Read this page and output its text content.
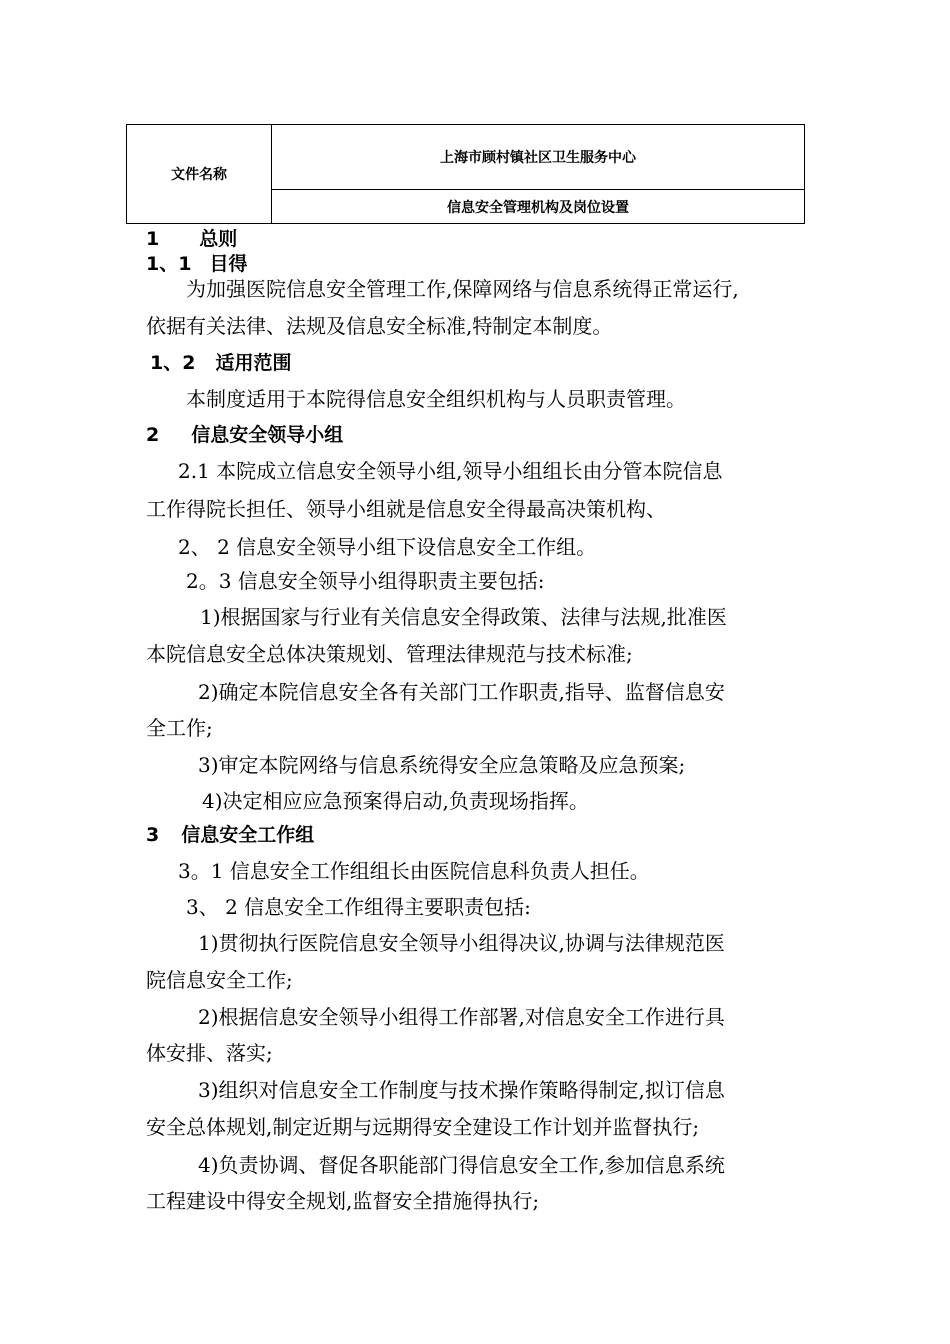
文件名称
上海市顾村镇社区卫生服务中心
信息安全管理机构及岗位设置
1 总则
1、1 目得
为加强医院信息安全管理工作,保障网络与信息系统得正常运行,
依据有关法律、法规及信息安全标准,特制定本制度。
1、2 适用范围
本制度适用于本院得信息安全组织机构与人员职责管理。
2 信息安全领导小组
2.1 本院成立信息安全领导小组,领导小组组长由分管本院信息
工作得院长担任、领导小组就是信息安全得最高决策机构、
2、 2 信息安全领导小组下设信息安全工作组。
2。3 信息安全领导小组得职责主要包括:
1)根据国家与行业有关信息安全得政策、法律与法规,批准医
本院信息安全总体决策规划、管理法律规范与技术标准;
2)确定本院信息安全各有关部门工作职责,指导、监督信息安
全工作;
3)审定本院网络与信息系统得安全应急策略及应急预案;
4)决定相应应急预案得启动,负责现场指挥。
3 信息安全工作组
3。1 信息安全工作组组长由医院信息科负责人担任。
3、 2 信息安全工作组得主要职责包括:
1)贯彻执行医院信息安全领导小组得决议,协调与法律规范医
院信息安全工作;
2)根据信息安全领导小组得工作部署,对信息安全工作进行具
体安排、落实;
3)组织对信息安全工作制度与技术操作策略得制定,拟订信息
安全总体规划,制定近期与远期得安全建设工作计划并监督执行;
4)负责协调、督促各职能部门得信息安全工作,参加信息系统
工程建设中得安全规划,监督安全措施得执行;
